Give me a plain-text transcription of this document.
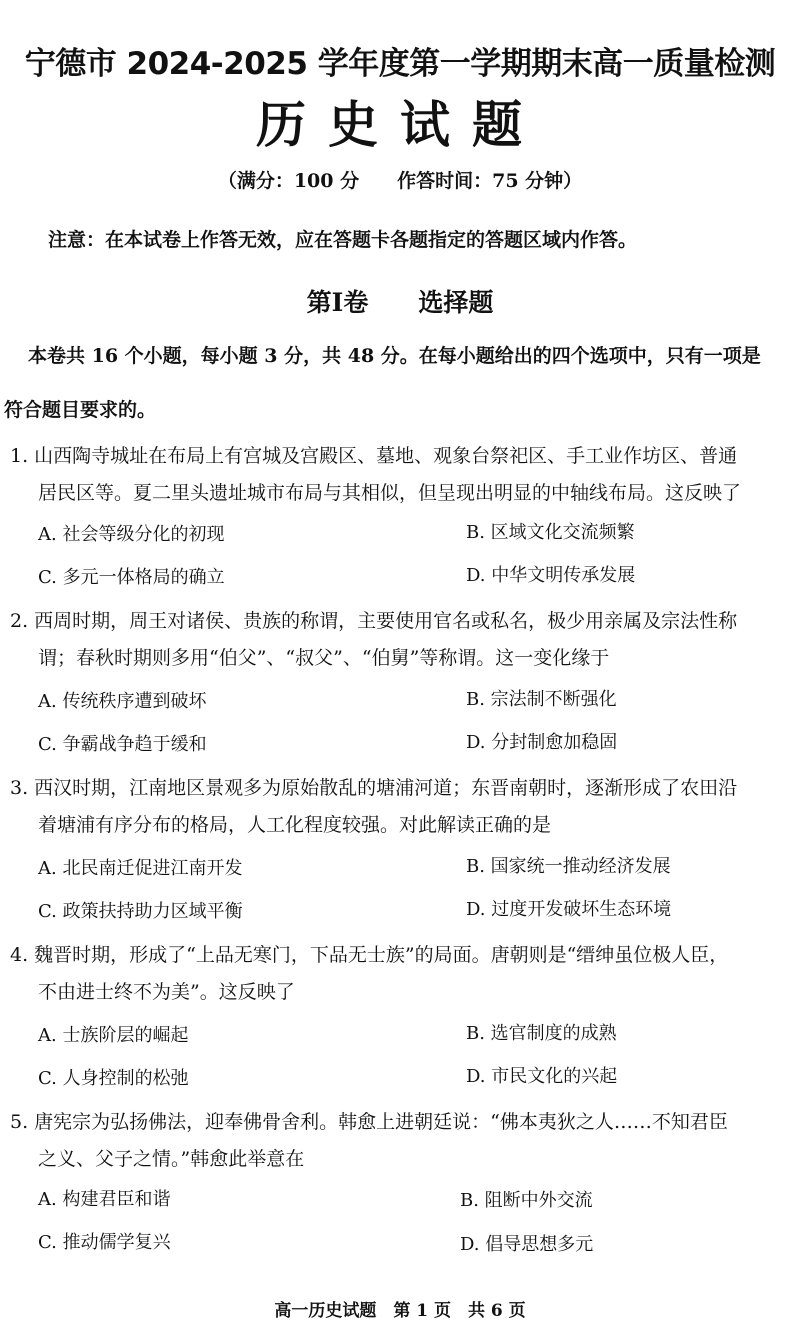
宁德市 2024-2025 学年度第一学期期末高一质量检测
历史试题
（满分：100 分　　作答时间：75 分钟）
注意：在本试卷上作答无效，应在答题卡各题指定的答题区域内作答。
第Ⅰ卷　　选择题
本卷共 16 个小题，每小题 3 分，共 48 分。在每小题给出的四个选项中，只有一项是
符合题目要求的。
1. 山西陶寺城址在布局上有宫城及宫殿区、墓地、观象台祭祀区、手工业作坊区、普通
居民区等。夏二里头遗址城市布局与其相似，但呈现出明显的中轴线布局。这反映了
A. 社会等级分化的初现	B. 区域文化交流频繁
C. 多元一体格局的确立	D. 中华文明传承发展
2. 西周时期，周王对诸侯、贵族的称谓，主要使用官名或私名，极少用亲属及宗法性称
谓；春秋时期则多用“伯父”、“叔父”、“伯舅”等称谓。这一变化缘于
A. 传统秩序遭到破坏	B. 宗法制不断强化
C. 争霸战争趋于缓和	D. 分封制愈加稳固
3. 西汉时期，江南地区景观多为原始散乱的塘浦河道；东晋南朝时，逐渐形成了农田沿
着塘浦有序分布的格局，人工化程度较强。对此解读正确的是
A. 北民南迁促进江南开发	B. 国家统一推动经济发展
C. 政策扶持助力区域平衡	D. 过度开发破坏生态环境
4. 魏晋时期，形成了“上品无寒门，下品无士族”的局面。唐朝则是“缙绅虽位极人臣，
不由进士终不为美”。这反映了
A. 士族阶层的崛起	B. 选官制度的成熟
C. 人身控制的松弛	D. 市民文化的兴起
5. 唐宪宗为弘扬佛法，迎奉佛骨舍利。韩愈上进朝廷说：“佛本夷狄之人……不知君臣
之义、父子之情。”韩愈此举意在
A. 构建君臣和谐	B. 阻断中外交流
C. 推动儒学复兴	D. 倡导思想多元
高一历史试题　第 1 页　共 6 页
